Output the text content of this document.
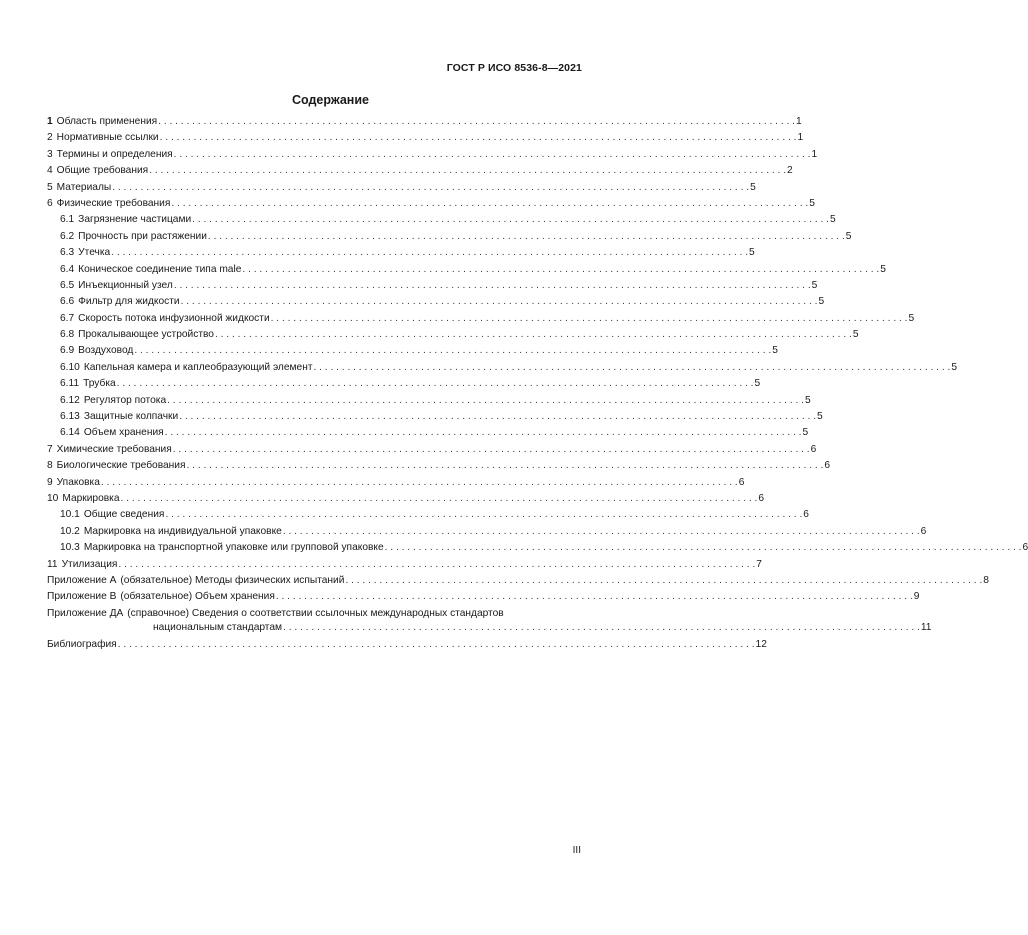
ГОСТ Р ИСО 8536-8—2021
Содержание
1 Область применения . . .	1
2 Нормативные ссылки . . .	1
3 Термины и определения . . .	1
4 Общие требования . . .	2
5 Материалы . . .	5
6 Физические требования . . .	5
6.1 Загрязнение частицами . . .	5
6.2 Прочность при растяжении . . .	5
6.3 Утечка . . .	5
6.4 Коническое соединение типа male . . .	5
6.5 Инъекционный узел . . .	5
6.6 Фильтр для жидкости . . .	5
6.7 Скорость потока инфузионной жидкости . . .	5
6.8 Прокалывающее устройство . . .	5
6.9 Воздуховод . . .	5
6.10 Капельная камера и каплеобразующий элемент . . .	5
6.11 Трубка . . .	5
6.12 Регулятор потока . . .	5
6.13 Защитные колпачки . . .	5
6.14 Объем хранения . . .	5
7 Химические требования . . .	6
8 Биологические требования . . .	6
9 Упаковка . . .	6
10 Маркировка . . .	6
10.1 Общие сведения . . .	6
10.2 Маркировка на индивидуальной упаковке . . .	6
10.3 Маркировка на транспортной упаковке или групповой упаковке . . .	6
11 Утилизация . . .	7
Приложение А (обязательное) Методы физических испытаний . . .	8
Приложение В (обязательное) Объем хранения . . .	9
Приложение ДА (справочное) Сведения о соответствии ссылочных международных стандартов
национальным стандартам . . .	11
Библиография . . .	12
III
